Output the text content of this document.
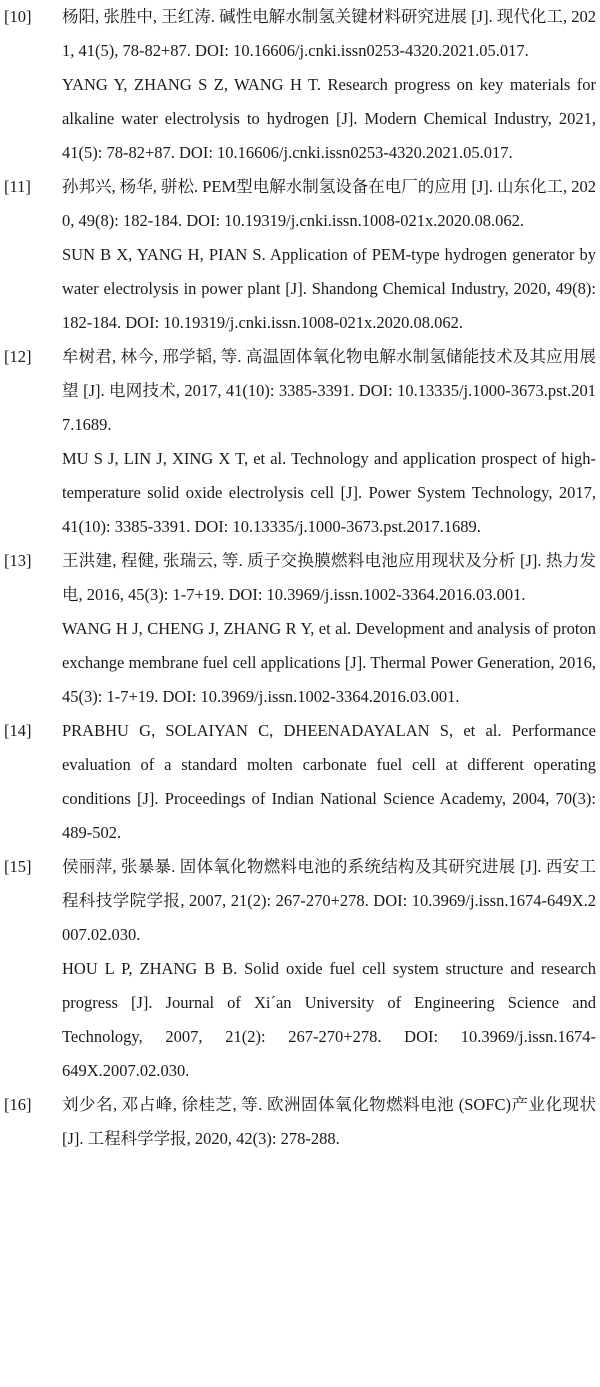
[10]	杨阳, 张胜中, 王红涛. 碱性电解水制氢关键材料研究进展 [J]. 现代化工, 2021, 41(5), 78-82+87. DOI: 10.16606/j.cnki.issn0253-4320.2021.05.017.

YANG Y, ZHANG S Z, WANG H T. Research progress on key materials for alkaline water electrolysis to hydrogen [J]. Modern Chemical Industry, 2021, 41(5): 78-82+87. DOI: 10.16606/j.cnki.issn0253-4320.2021.05.017.

[11]	孙邦兴, 杨华, 骈松. PEM型电解水制氢设备在电厂的应用 [J]. 山东化工, 2020, 49(8): 182-184. DOI: 10.19319/j.cnki.issn.1008-021x.2020.08.062.

SUN B X, YANG H, PIAN S. Application of PEM-type hydrogen generator by water electrolysis in power plant [J]. Shandong Chemical Industry, 2020, 49(8): 182-184. DOI: 10.19319/j.cnki.issn.1008-021x.2020.08.062.

[12]	牟树君, 林今, 邢学韬, 等. 高温固体氧化物电解水制氢储能技术及其应用展望 [J]. 电网技术, 2017, 41(10): 3385-3391. DOI: 10.13335/j.1000-3673.pst.2017.1689.

MU S J, LIN J, XING X T, et al. Technology and application prospect of high-temperature solid oxide electrolysis cell [J]. Power System Technology, 2017, 41(10): 3385-3391. DOI: 10.13335/j.1000-3673.pst.2017.1689.

[13]	王洪建, 程健, 张瑞云, 等. 质子交换膜燃料电池应用现状及分析 [J]. 热力发电, 2016, 45(3): 1-7+19. DOI: 10.3969/j.issn.1002-3364.2016.03.001.

WANG H J, CHENG J, ZHANG R Y, et al. Development and analysis of proton exchange membrane fuel cell applications [J]. Thermal Power Generation, 2016, 45(3): 1-7+19. DOI: 10.3969/j.issn.1002-3364.2016.03.001.

[14]	PRABHU G, SOLAIYAN C, DHEENADAYALAN S, et al. Performance evaluation of a standard molten carbonate fuel cell at different operating conditions [J]. Proceedings of Indian National Science Academy, 2004, 70(3): 489-502.

[15]	侯丽萍, 张暴暴. 固体氧化物燃料电池的系统结构及其研究进展 [J]. 西安工程科技学院学报, 2007, 21(2): 267-270+278. DOI: 10.3969/j.issn.1674-649X.2007.02.030.

HOU L P, ZHANG B B. Solid oxide fuel cell system structure and research progress [J]. Journal of Xi´an University of Engineering Science and Technology, 2007, 21(2): 267-270+278. DOI: 10.3969/j.issn.1674-649X.2007.02.030.

[16]	刘少名, 邓占峰, 徐桂芝, 等. 欧洲固体氧化物燃料电池 (SOFC)产业化现状 [J]. 工程科学学报, 2020, 42(3): 278-288.
